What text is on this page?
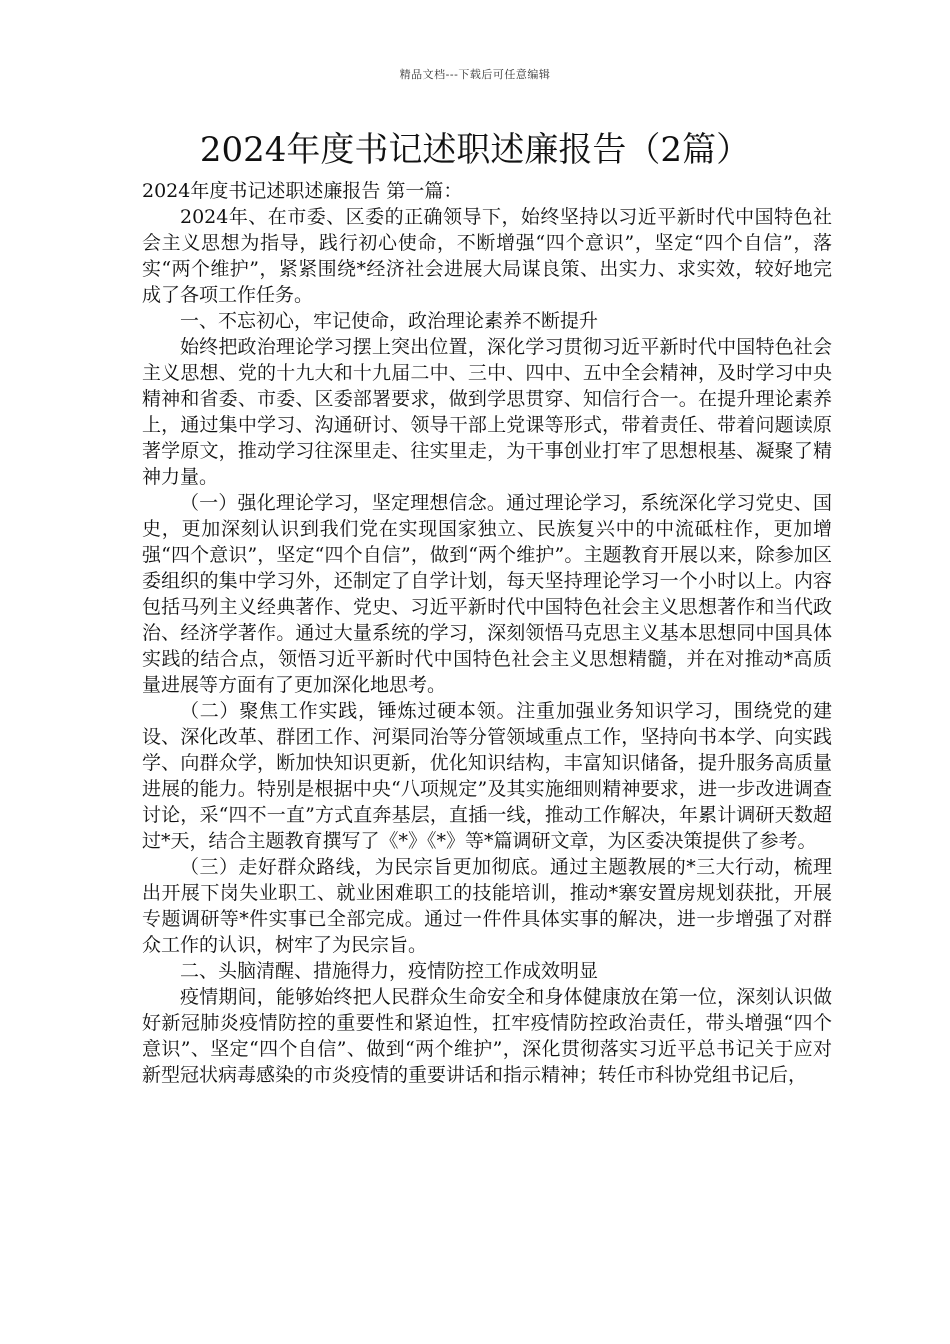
精品文档---下载后可任意编辑
2024年度书记述职述廉报告（2篇）

2024年度书记述职述廉报告 第一篇：

2024年、在市委、区委的正确领导下，始终坚持以习近平新时代中国特色社会主义思想为指导，践行初心使命，不断增强“四个意识”，坚定“四个自信”，落实“两个维护”，紧紧围绕*经济社会进展大局谋良策、出实力、求实效，较好地完成了各项工作任务。

一、不忘初心，牢记使命，政治理论素养不断提升

始终把政治理论学习摆上突出位置，深化学习贯彻习近平新时代中国特色社会主义思想、党的十九大和十九届二中、三中、四中、五中全会精神，及时学习中央精神和省委、市委、区委部署要求，做到学思贯穿、知信行合一。在提升理论素养上，通过集中学习、沟通研讨、领导干部上党课等形式，带着责任、带着问题读原著学原文，推动学习往深里走、往实里走，为干事创业打牢了思想根基、凝聚了精神力量。

（一）强化理论学习，坚定理想信念。通过理论学习，系统深化学习党史、国史，更加深刻认识到我们党在实现国家独立、民族复兴中的中流砥柱作，更加增强“四个意识”，坚定“四个自信”，做到“两个维护”。主题教育开展以来，除参加区委组织的集中学习外，还制定了自学计划，每天坚持理论学习一个小时以上。内容包括马列主义经典著作、党史、习近平新时代中国特色社会主义思想著作和当代政治、经济学著作。通过大量系统的学习，深刻领悟马克思主义基本思想同中国具体实践的结合点，领悟习近平新时代中国特色社会主义思想精髓，并在对推动*高质量进展等方面有了更加深化地思考。

（二）聚焦工作实践，锤炼过硬本领。注重加强业务知识学习，围绕党的建设、深化改革、群团工作、河渠同治等分管领域重点工作，坚持向书本学、向实践学、向群众学，断加快知识更新，优化知识结构，丰富知识储备，提升服务高质量进展的能力。特别是根据中央“八项规定”及其实施细则精神要求，进一步改进调查讨论，采“四不一直”方式直奔基层，直插一线，推动工作解决，年累计调研天数超过*天，结合主题教育撰写了《*》《*》等*篇调研文章，为区委决策提供了参考。

（三）走好群众路线，为民宗旨更加彻底。通过主题教展的*三大行动，梳理出开展下岗失业职工、就业困难职工的技能培训，推动*寨安置房规划获批，开展专题调研等*件实事已全部完成。通过一件件具体实事的解决，进一步增强了对群众工作的认识，树牢了为民宗旨。

二、头脑清醒、措施得力，疫情防控工作成效明显

疫情期间，能够始终把人民群众生命安全和身体健康放在第一位，深刻认识做好新冠肺炎疫情防控的重要性和紧迫性，扛牢疫情防控政治责任，带头增强“四个意识”、坚定“四个自信”、做到“两个维护”，深化贯彻落实习近平总书记关于应对新型冠状病毒感染的市炎疫情的重要讲话和指示精神；转任市科协党组书记后，
